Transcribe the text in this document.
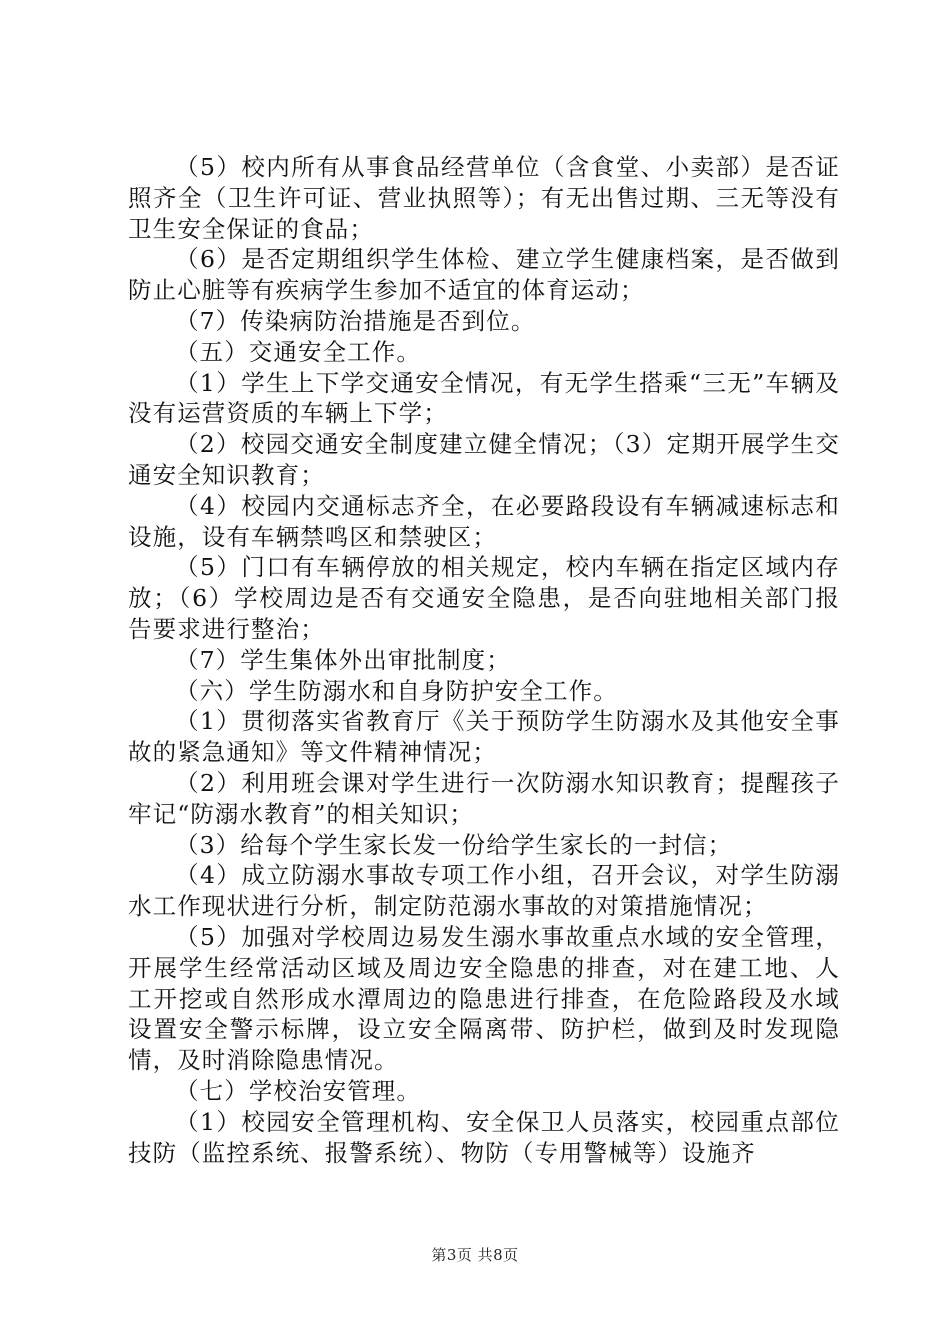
（5）校内所有从事食品经营单位（含食堂、小卖部）是否证照齐全（卫生许可证、营业执照等）；有无出售过期、三无等没有卫生安全保证的食品；

（6）是否定期组织学生体检、建立学生健康档案，是否做到防止心脏等有疾病学生参加不适宜的体育运动；

（7）传染病防治措施是否到位。

（五）交通安全工作。

（1）学生上下学交通安全情况，有无学生搭乘“三无”车辆及没有运营资质的车辆上下学；

（2）校园交通安全制度建立健全情况；（3）定期开展学生交通安全知识教育；

（4）校园内交通标志齐全，在必要路段设有车辆减速标志和设施，设有车辆禁鸣区和禁驶区；

（5）门口有车辆停放的相关规定，校内车辆在指定区域内存放；（6）学校周边是否有交通安全隐患，是否向驻地相关部门报告要求进行整治；

（7）学生集体外出审批制度；

（六）学生防溺水和自身防护安全工作。

（1）贯彻落实省教育厅《关于预防学生防溺水及其他安全事故的紧急通知》等文件精神情况；

（2）利用班会课对学生进行一次防溺水知识教育；提醒孩子牢记“防溺水教育”的相关知识；

（3）给每个学生家长发一份给学生家长的一封信；

（4）成立防溺水事故专项工作小组，召开会议，对学生防溺水工作现状进行分析，制定防范溺水事故的对策措施情况；

（5）加强对学校周边易发生溺水事故重点水域的安全管理，开展学生经常活动区域及周边安全隐患的排查，对在建工地、人工开挖或自然形成水潭周边的隐患进行排查，在危险路段及水域设置安全警示标牌，设立安全隔离带、防护栏，做到及时发现隐情，及时消除隐患情况。

（七）学校治安管理。

（1）校园安全管理机构、安全保卫人员落实，校园重点部位技防（监控系统、报警系统）、物防（专用警械等）设施齐

第3页 共8页
